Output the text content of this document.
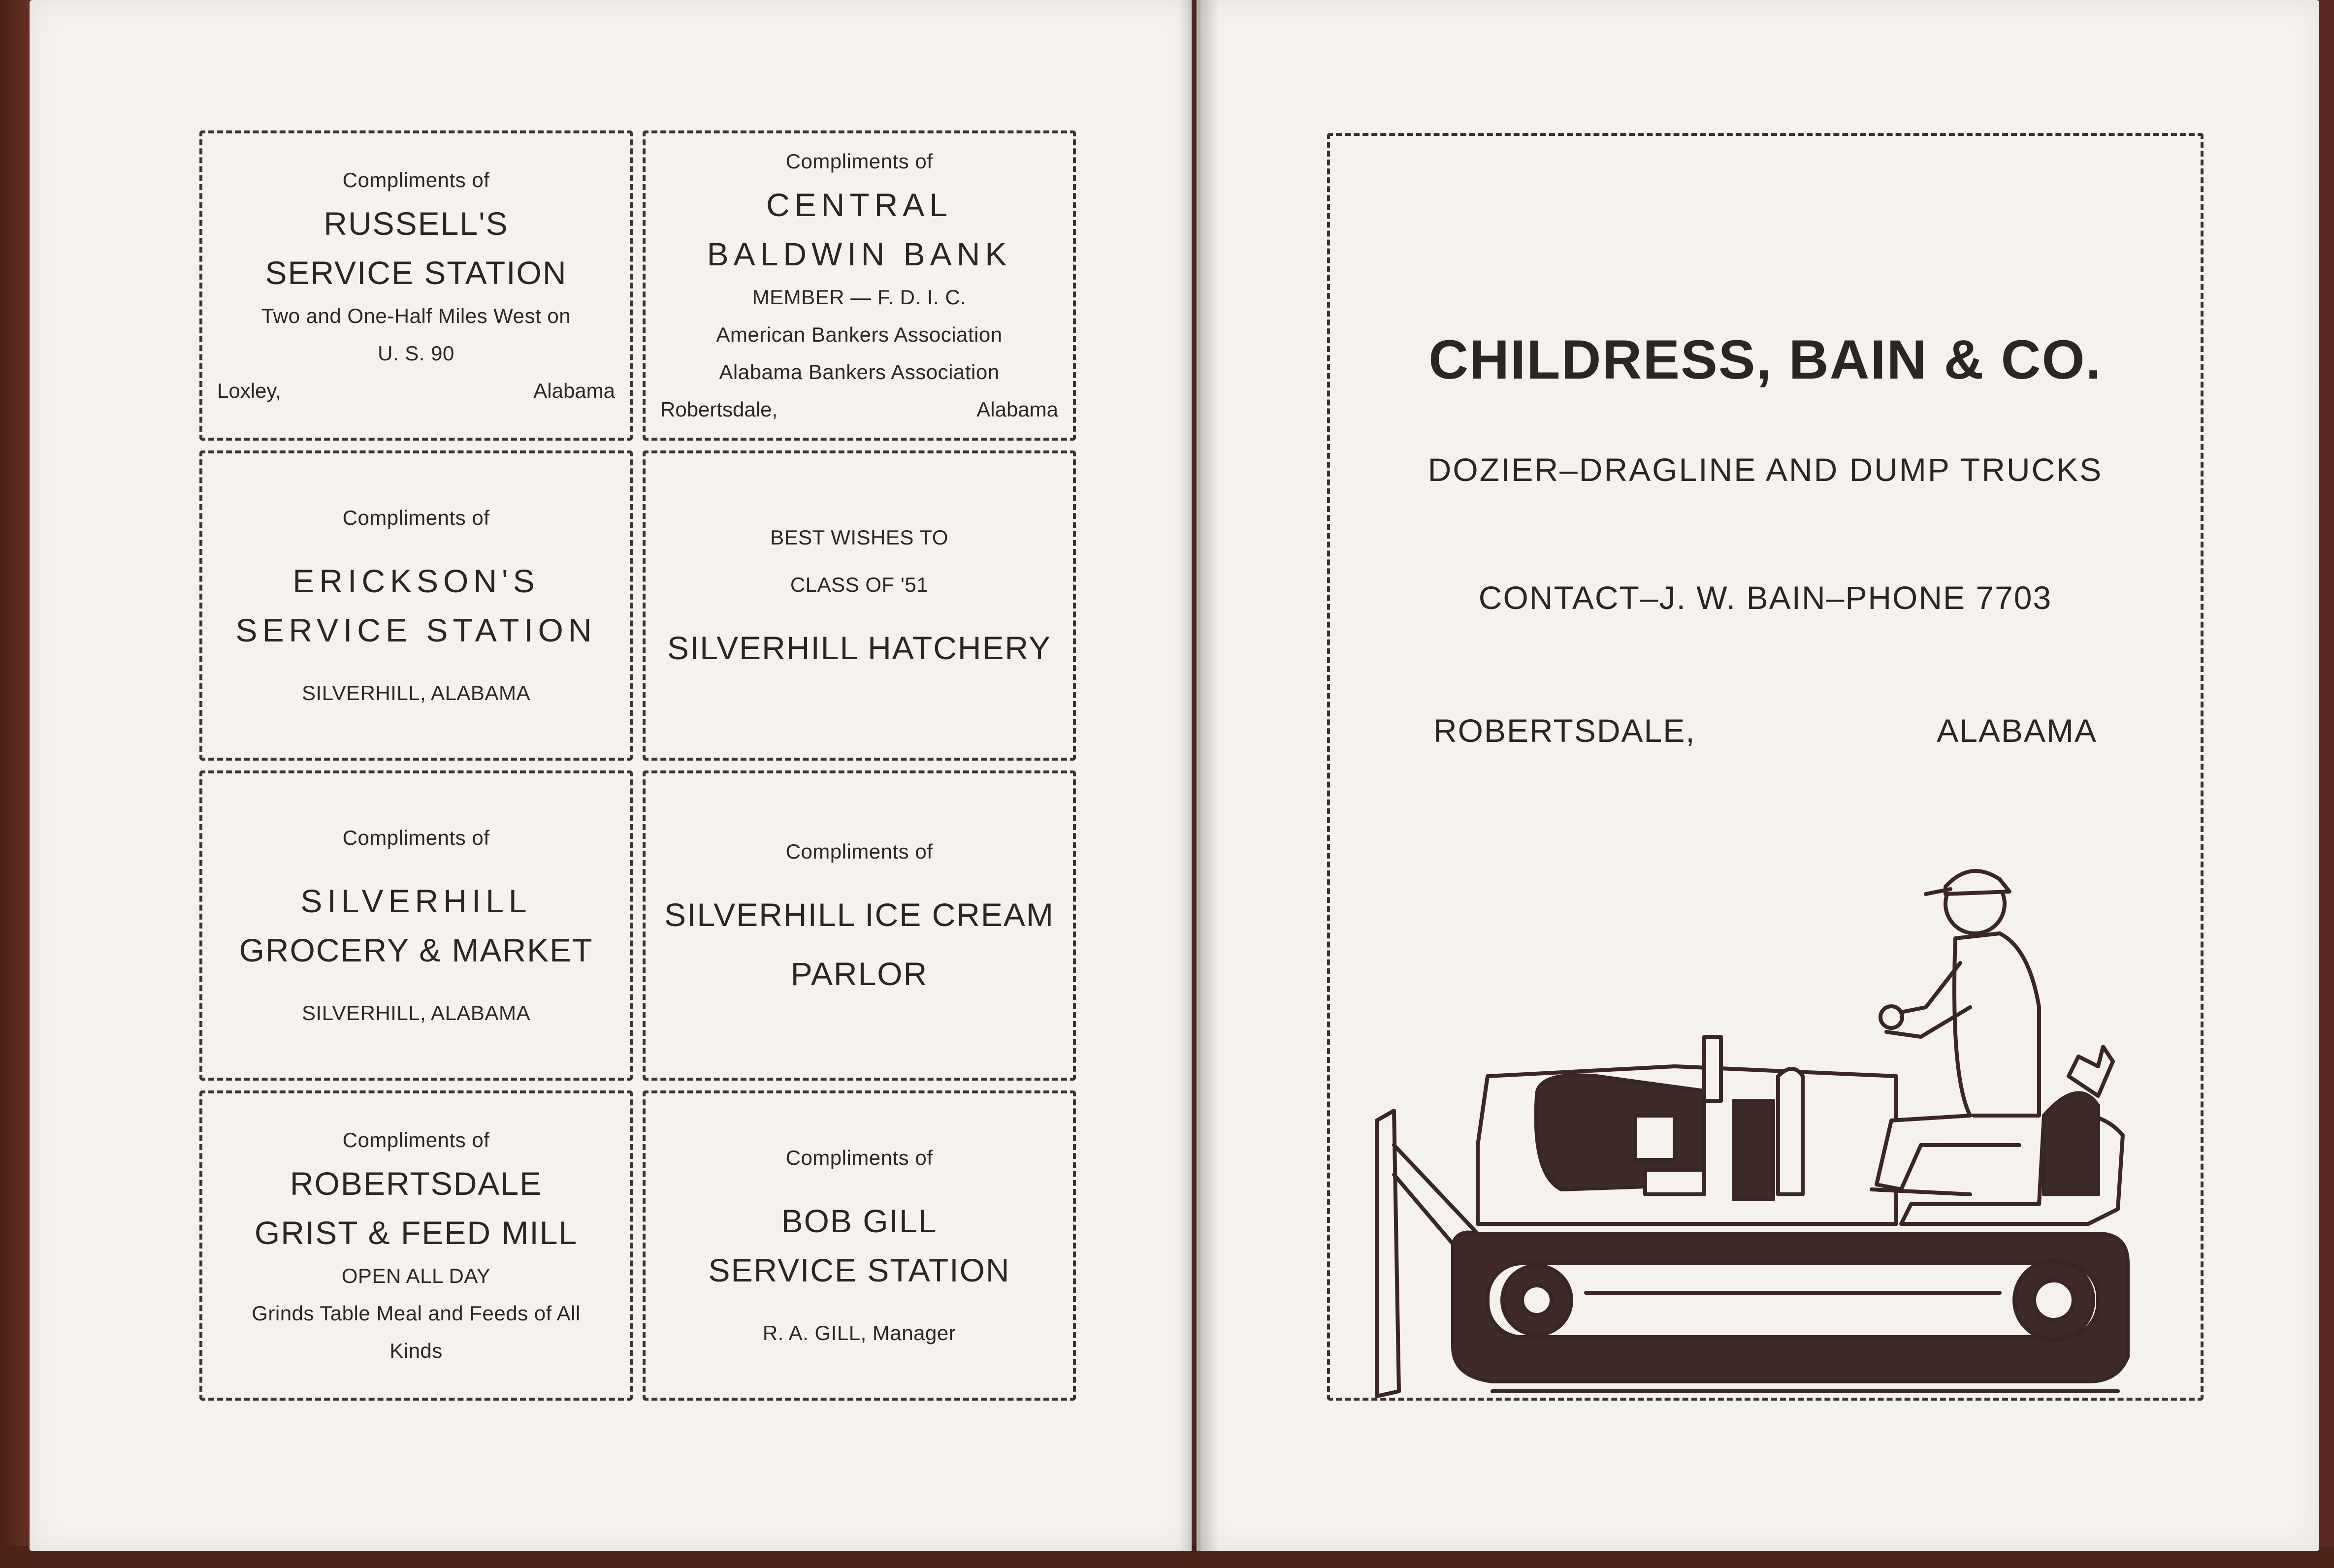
Compliments of
RUSSELL'S
SERVICE STATION
Two and One-Half Miles West on
U. S. 90
Loxley,	Alabama
Compliments of
CENTRAL
BALDWIN BANK
MEMBER — F. D. I. C.
American Bankers Association
Alabama Bankers Association
Robertsdale,	Alabama
Compliments of
ERICKSON'S
SERVICE STATION
SILVERHILL, ALABAMA
BEST WISHES TO
CLASS OF '51
SILVERHILL HATCHERY
Compliments of
SILVERHILL
GROCERY & MARKET
SILVERHILL, ALABAMA
Compliments of
SILVERHILL ICE CREAM
PARLOR
Compliments of
ROBERTSDALE
GRIST & FEED MILL
OPEN ALL DAY
Grinds Table Meal and Feeds of All
Kinds
Compliments of
BOB GILL
SERVICE STATION
R. A. GILL, Manager
CHILDRESS, BAIN & CO.
DOZIER–DRAGLINE AND DUMP TRUCKS
CONTACT–J. W. BAIN–PHONE 7703
ROBERTSDALE,	ALABAMA
